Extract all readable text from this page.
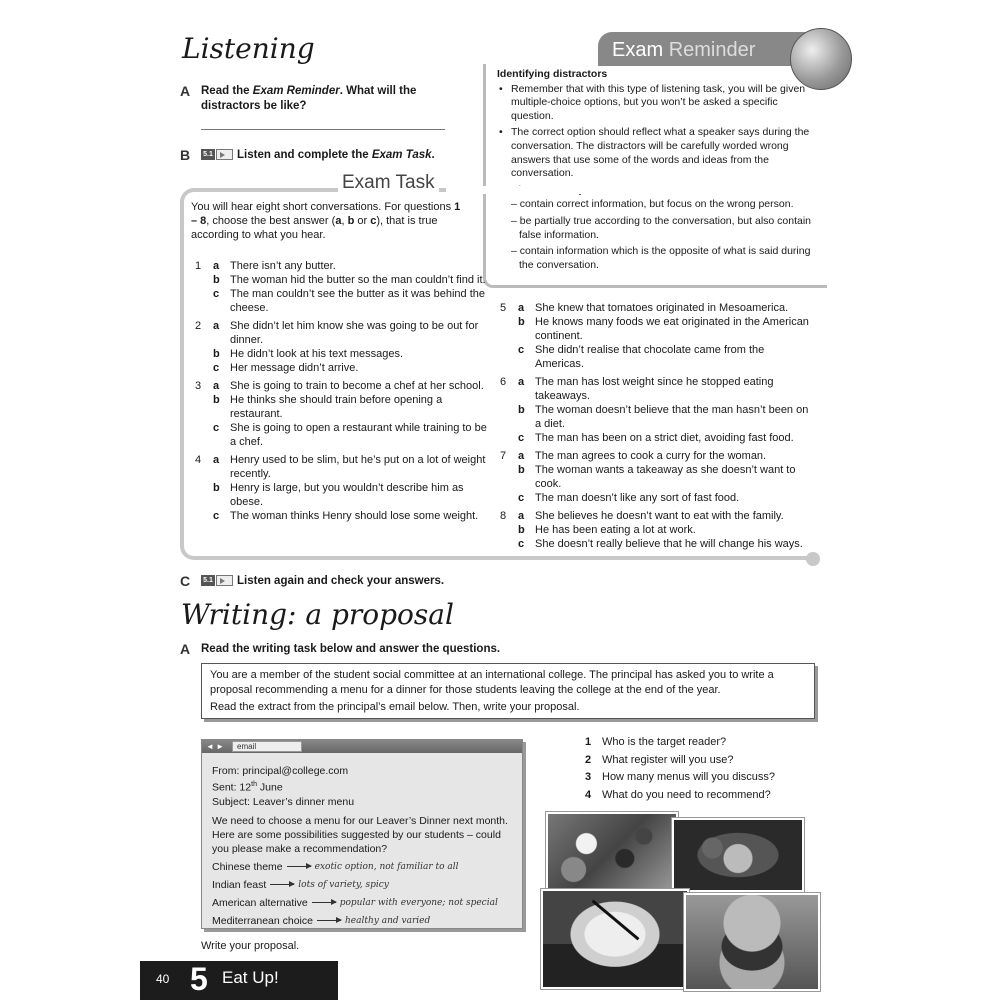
Listening
A Read the Exam Reminder. What will the
distractors be like?
B	5.1 Listen and complete the Exam Task.
Exam Reminder
Identifying distractors
• Remember that with this type of listening task, you will be given multiple-choice options, but you won’t be asked a specific question.
• The correct option should reflect what a speaker says during the conversation. The distractors will be carefully worded wrong answers that use some of the words and ideas from the conversation.
•
– contain correct information, but focus on the wrong person.
– be partially true according to the conversation, but also contain false information.
– contain information which is the opposite of what is said during the conversation.
Exam Task
You will hear eight short conversations. For questions 1 – 8, choose the best answer (a, b or c), that is true according to what you hear.
1	a There isn’t any butter.
b The woman hid the butter so the man couldn’t find it.
c The man couldn’t see the butter as it was behind the cheese.
2	a She didn’t let him know she was going to be out for dinner.
b He didn’t look at his text messages.
c Her message didn’t arrive.
3	a She is going to train to become a chef at her school.
b He thinks she should train before opening a restaurant.
c She is going to open a restaurant while training to be a chef.
4	a Henry used to be slim, but he’s put on a lot of weight recently.
b Henry is large, but you wouldn’t describe him as obese.
c The woman thinks Henry should lose some weight.
5	a She knew that tomatoes originated in Mesoamerica.
b He knows many foods we eat originated in the American continent.
c She didn’t realise that chocolate came from the Americas.
6	a The man has lost weight since he stopped eating takeaways.
b The woman doesn’t believe that the man hasn’t been on a diet.
c The man has been on a strict diet, avoiding fast food.
7	a The man agrees to cook a curry for the woman.
b The woman wants a takeaway as she doesn’t want to cook.
c The man doesn’t like any sort of fast food.
8	a She believes he doesn’t want to eat with the family.
b He has been eating a lot at work.
c She doesn’t really believe that he will change his ways.
C	5.1 Listen again and check your answers.
Writing: a proposal
A Read the writing task below and answer the questions.
You are a member of the student social committee at an international college. The principal has asked you to write a proposal recommending a menu for a dinner for those students leaving the college at the end of the year.
Read the extract from the principal’s email below. Then, write your proposal.
◄ ►	email
From: principal@college.com
Sent: 12th June

Subject: Leaver’s dinner menu

We need to choose a menu for our Leaver’s Dinner next month. Here are some possibilities suggested by our students – could you please make a recommendation?
Chinese theme	exotic option, not familiar to all
Indian feast	lots of variety, spicy
American alternative	popular with everyone; not special
Mediterranean choice	healthy and varied
Write your proposal.
1 Who is the target reader?
2 What register will you use?
3 How many menus will you discuss?
4 What do you need to recommend?
40 5 Eat Up!
